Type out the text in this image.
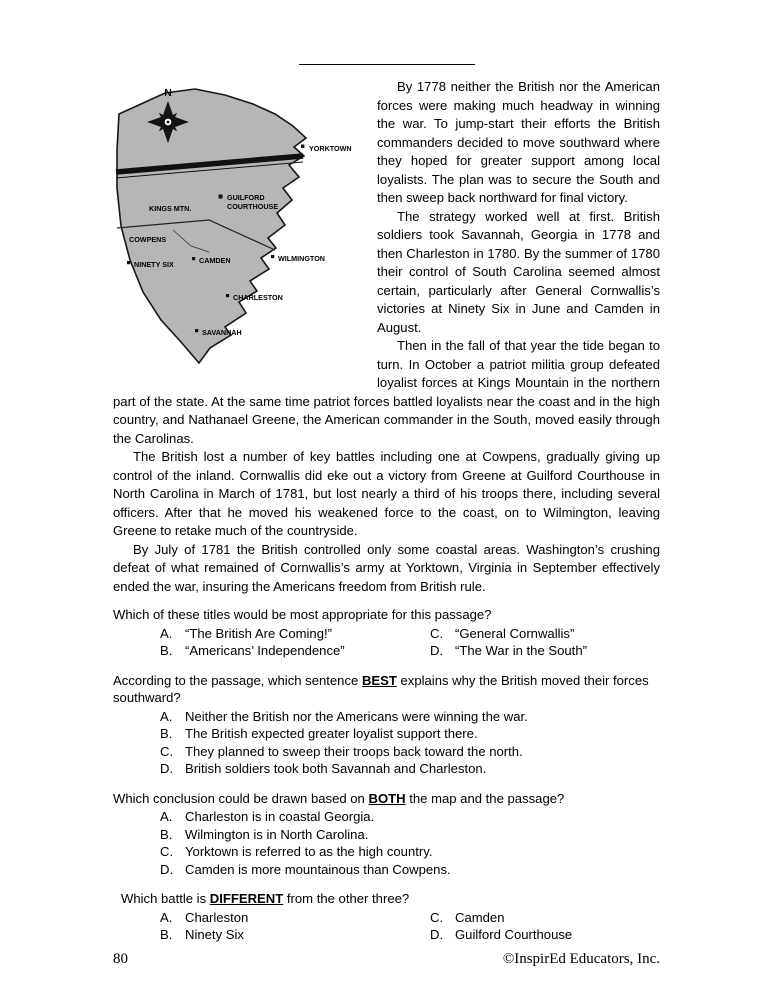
N
YORKTOWN
GUILFORD
COURTHOUSE
KINGS MTN.
COWPENS
NINETY SIX	CAMDEN	WILMINGTON
CHARLESTON
SAVANNAH

By 1778 neither the British nor the American forces were making much headway in winning the war. To jump-start their efforts the British commanders decided to move southward where they hoped for greater support among local loyalists. The plan was to secure the South and then sweep back northward for final victory.

The strategy worked well at first. British soldiers took Savannah, Georgia in 1778 and then Charleston in 1780. By the summer of 1780 their control of South Carolina seemed almost certain, particularly after General Cornwallis’s victories at Ninety Six in June and Camden in August.

Then in the fall of that year the tide began to turn. In October a patriot militia group defeated loyalist forces at Kings Mountain in the northern part of the state. At the same time patriot forces battled loyalists near the coast and in the high country, and Nathanael Greene, the American commander in the South, moved easily through the Carolinas.

The British lost a number of key battles including one at Cowpens, gradually giving up control of the inland. Cornwallis did eke out a victory from Greene at Guilford Courthouse in North Carolina in March of 1781, but lost nearly a third of his troops there, including several officers. After that he moved his weakened force to the coast, on to Wilmington, leaving Greene to retake much of the countryside.

By July of 1781 the British controlled only some coastal areas. Washington’s crushing defeat of what remained of Cornwallis’s army at Yorktown, Virginia in September effectively ended the war, insuring the Americans freedom from British rule.

Which of these titles would be most appropriate for this passage?

A. “The British Are Coming!”
B. “Americans’ Independence”
C. “General Cornwallis”
D. “The War in the South”

According to the passage, which sentence BEST explains why the British moved their forces southward?

A. Neither the British nor the Americans were winning the war.
B. The British expected greater loyalist support there.
C. They planned to sweep their troops back toward the north.
D. British soldiers took both Savannah and Charleston.

Which conclusion could be drawn based on BOTH the map and the passage?

A. Charleston is in coastal Georgia.
B. Wilmington is in North Carolina.
C. Yorktown is referred to as the high country.
D. Camden is more mountainous than Cowpens.

Which battle is DIFFERENT from the other three?

A. Charleston
B. Ninety Six
C. Camden
D. Guilford Courthouse
80	©InspirEd Educators, Inc.
